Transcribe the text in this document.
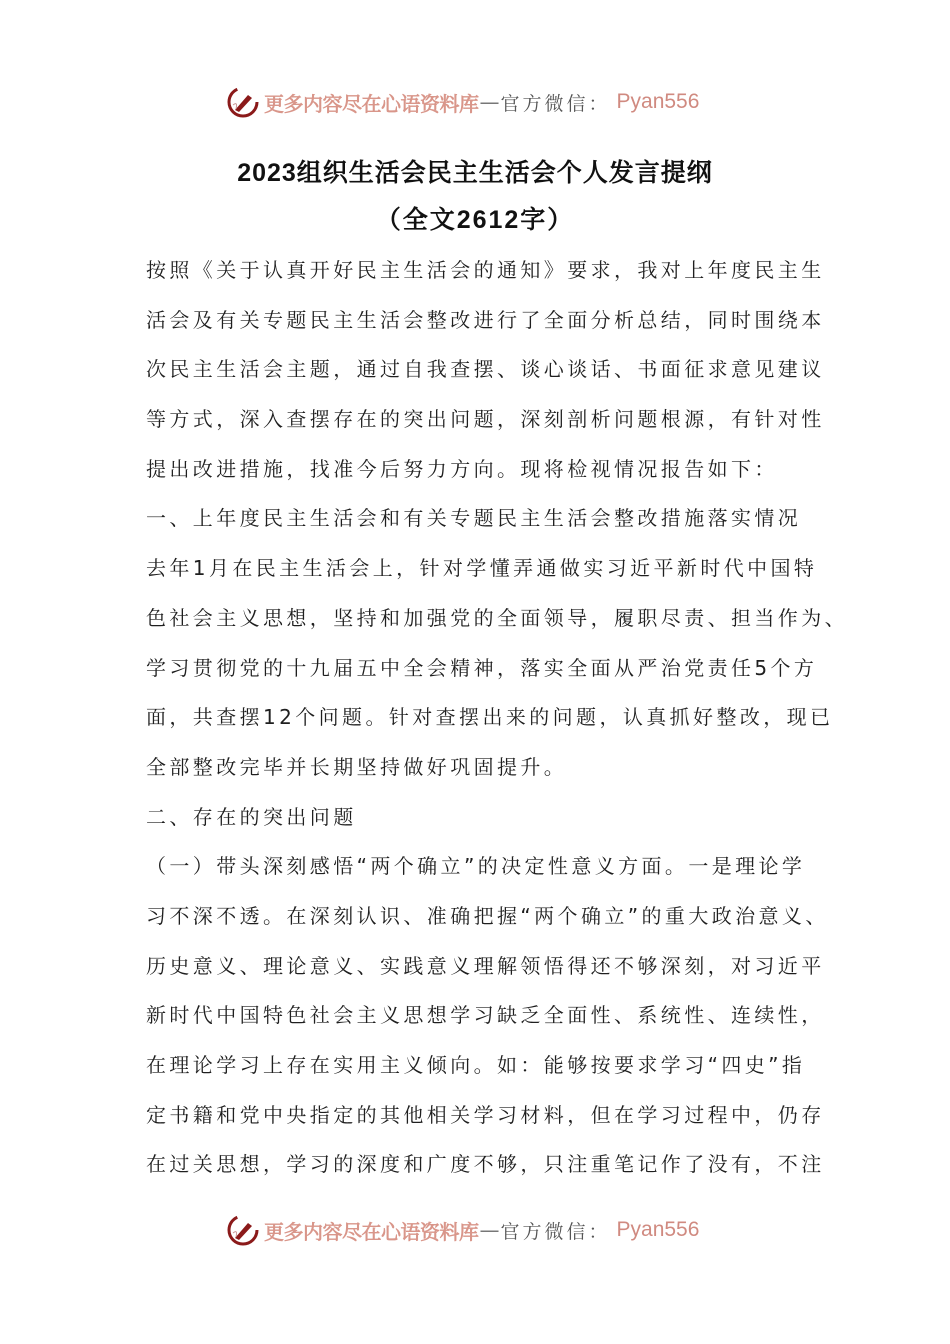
更多内容尽在心语资料库 — 官方微信： Pyan556
2023组织生活会民主生活会个人发言提纲
（全文2612字）
按照《关于认真开好民主生活会的通知》要求，我对上年度民主生
活会及有关专题民主生活会整改进行了全面分析总结，同时围绕本
次民主生活会主题，通过自我查摆、谈心谈话、书面征求意见建议
等方式，深入查摆存在的突出问题，深刻剖析问题根源，有针对性
提出改进措施，找准今后努力方向。现将检视情况报告如下：
一、上年度民主生活会和有关专题民主生活会整改措施落实情况
去年1月在民主生活会上，针对学懂弄通做实习近平新时代中国特
色社会主义思想，坚持和加强党的全面领导，履职尽责、担当作为、
学习贯彻党的十九届五中全会精神，落实全面从严治党责任5个方
面，共查摆12个问题。针对查摆出来的问题，认真抓好整改，现已
全部整改完毕并长期坚持做好巩固提升。
二、存在的突出问题
（一）带头深刻感悟“两个确立”的决定性意义方面。一是理论学
习不深不透。在深刻认识、准确把握“两个确立”的重大政治意义、
历史意义、理论意义、实践意义理解领悟得还不够深刻，对习近平
新时代中国特色社会主义思想学习缺乏全面性、系统性、连续性，
在理论学习上存在实用主义倾向。如：能够按要求学习“四史”指
定书籍和党中央指定的其他相关学习材料，但在学习过程中，仍存
在过关思想，学习的深度和广度不够，只注重笔记作了没有，不注
更多内容尽在心语资料库 — 官方微信： Pyan556
